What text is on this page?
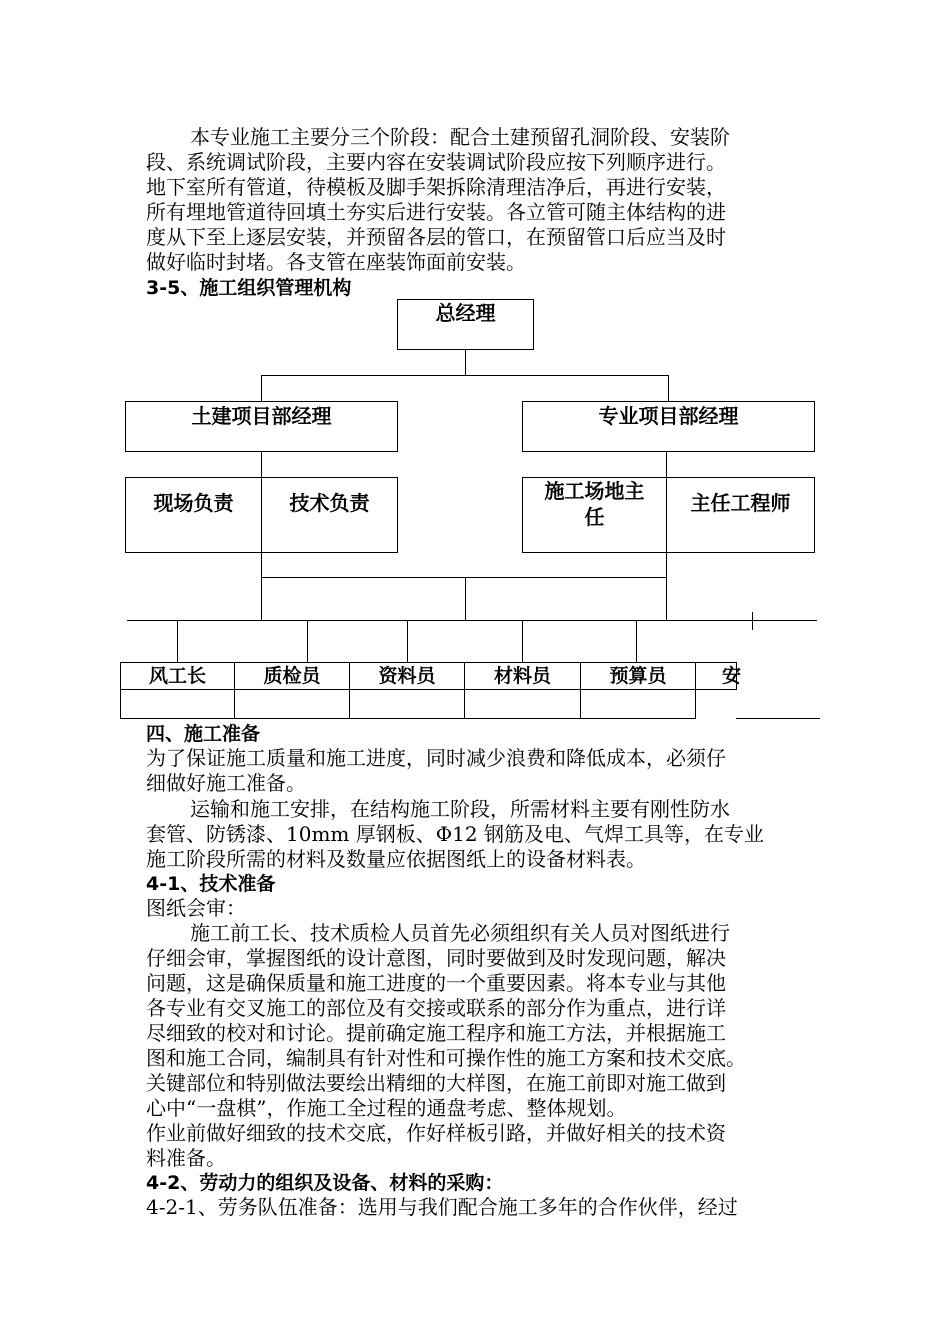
本专业施工主要分三个阶段：配合土建预留孔洞阶段、安装阶

段、系统调试阶段，主要内容在安装调试阶段应按下列顺序进行。

地下室所有管道，待模板及脚手架拆除清理洁净后，再进行安装，

所有埋地管道待回填土夯实后进行安装。各立管可随主体结构的进

度从下至上逐层安装，并预留各层的管口，在预留管口后应当及时

做好临时封堵。各支管在座装饰面前安装。

3-5、施工组织管理机构

总经理
土建项目部经理	专业项目部经理
现场负责	技术负责	施工场地主任
主任工程师
风工长	质检员	资料员	材料员	预算员	安

四、施工准备

为了保证施工质量和施工进度，同时减少浪费和降低成本，必须仔

细做好施工准备。

运输和施工安排，在结构施工阶段，所需材料主要有刚性防水

套管、防锈漆、10mm 厚钢板、Φ12 钢筋及电、气焊工具等，在专业

施工阶段所需的材料及数量应依据图纸上的设备材料表。

4-1、技术准备

图纸会审：

施工前工长、技术质检人员首先必须组织有关人员对图纸进行

仔细会审，掌握图纸的设计意图，同时要做到及时发现问题，解决

问题，这是确保质量和施工进度的一个重要因素。将本专业与其他

各专业有交叉施工的部位及有交接或联系的部分作为重点，进行详

尽细致的校对和讨论。提前确定施工程序和施工方法，并根据施工

图和施工合同，编制具有针对性和可操作性的施工方案和技术交底。

关键部位和特别做法要绘出精细的大样图，在施工前即对施工做到

心中“一盘棋”，作施工全过程的通盘考虑、整体规划。

作业前做好细致的技术交底，作好样板引路，并做好相关的技术资

料准备。

4-2、劳动力的组织及设备、材料的采购：

4-2-1、劳务队伍准备：选用与我们配合施工多年的合作伙伴，经过
